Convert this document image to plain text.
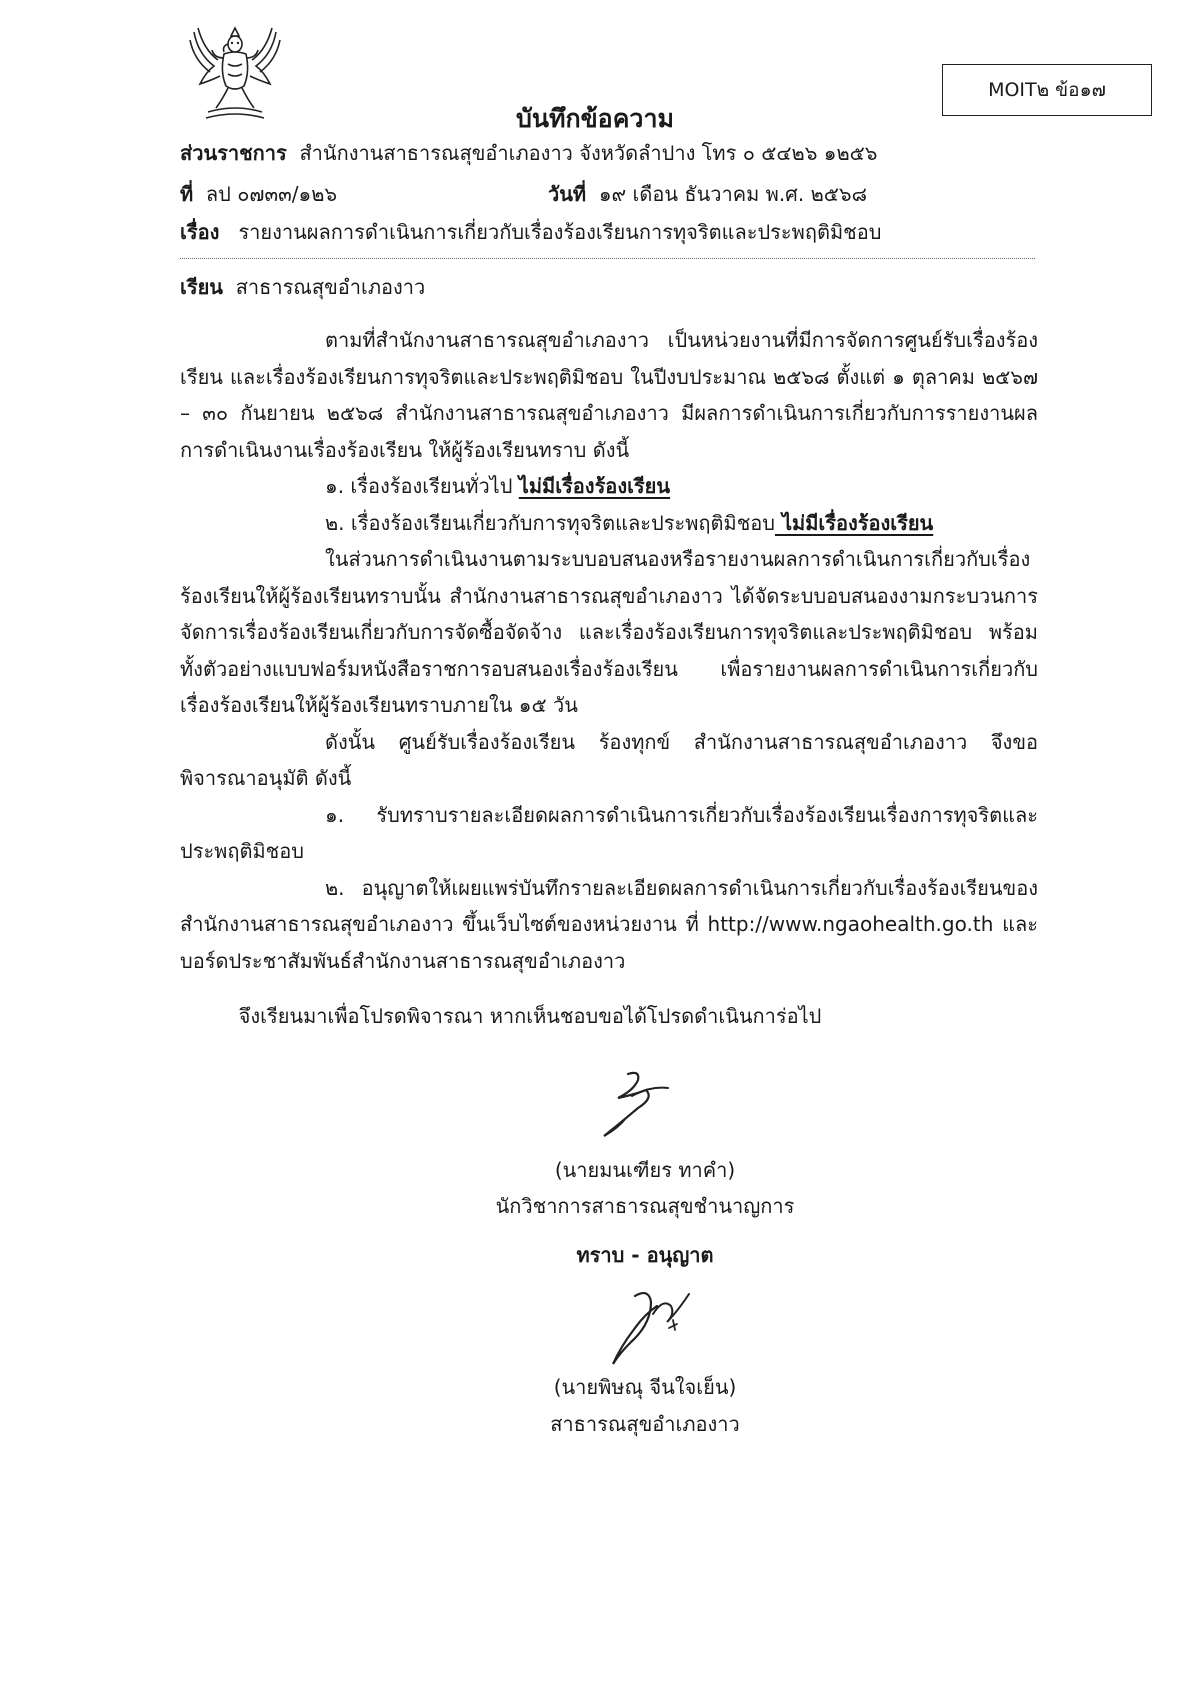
MOIT๒ ข้อ๑๗
บันทึกข้อความ
ส่วนราชการ สำนักงานสาธารณสุขอำเภองาว จังหวัดลำปาง โทร ๐ ๕๔๒๖ ๑๒๕๖
ที่ ลป ๐๗๓๓/๑๒๖	วันที่ ๑๙ เดือน ธันวาคม พ.ศ. ๒๕๖๘
เรื่อง รายงานผลการดำเนินการเกี่ยวกับเรื่องร้องเรียนการทุจริตและประพฤติมิชอบ
เรียน สาธารณสุขอำเภองาว

ตามที่สำนักงานสาธารณสุขอำเภองาว เป็นหน่วยงานที่มีการจัดการศูนย์รับเรื่องร้องเรียน และเรื่องร้องเรียนการทุจริตและประพฤติมิชอบ ในปีงบประมาณ ๒๕๖๘ ตั้งแต่ ๑ ตุลาคม ๒๕๖๗ – ๓๐ กันยายน ๒๕๖๘ สำนักงานสาธารณสุขอำเภองาว มีผลการดำเนินการเกี่ยวกับการรายงานผลการดำเนินงานเรื่องร้องเรียน ให้ผู้ร้องเรียนทราบ ดังนี้

๑. เรื่องร้องเรียนทั่วไป ไม่มีเรื่องร้องเรียน

๒. เรื่องร้องเรียนเกี่ยวกับการทุจริตและประพฤติมิชอบ ไม่มีเรื่องร้องเรียน

ในส่วนการดำเนินงานตามระบบอบสนองหรือรายงานผลการดำเนินการเกี่ยวกับเรื่องร้องเรียนให้ผู้ร้องเรียนทราบนั้น สำนักงานสาธารณสุขอำเภองาว ได้จัดระบบอบสนองงามกระบวนการจัดการเรื่องร้องเรียนเกี่ยวกับการจัดซื้อจัดจ้าง และเรื่องร้องเรียนการทุจริตและประพฤติมิชอบ พร้อมทั้งตัวอย่างแบบฟอร์มหนังสือราชการอบสนองเรื่องร้องเรียน เพื่อรายงานผลการดำเนินการเกี่ยวกับเรื่องร้องเรียนให้ผู้ร้องเรียนทราบภายใน ๑๕ วัน

ดังนั้น ศูนย์รับเรื่องร้องเรียน ร้องทุกข์ สำนักงานสาธารณสุขอำเภองาว จึงขอพิจารณาอนุมัติ ดังนี้

๑. รับทราบรายละเอียดผลการดำเนินการเกี่ยวกับเรื่องร้องเรียนเรื่องการทุจริตและประพฤติมิชอบ

๒. อนุญาตให้เผยแพร่บันทึกรายละเอียดผลการดำเนินการเกี่ยวกับเรื่องร้องเรียนของสำนักงานสาธารณสุขอำเภองาว ขึ้นเว็บไซต์ของหน่วยงาน ที่ http://www.ngaohealth.go.th และบอร์ดประชาสัมพันธ์สำนักงานสาธารณสุขอำเภองาว

จึงเรียนมาเพื่อโปรดพิจารณา หากเห็นชอบขอได้โปรดดำเนินการ่อไป
(นายมนเฑียร ทาคำ)
นักวิชาการสาธารณสุขชำนาญการ
ทราบ - อนุญาต
(นายพิษณุ จีนใจเย็น)
สาธารณสุขอำเภองาว
